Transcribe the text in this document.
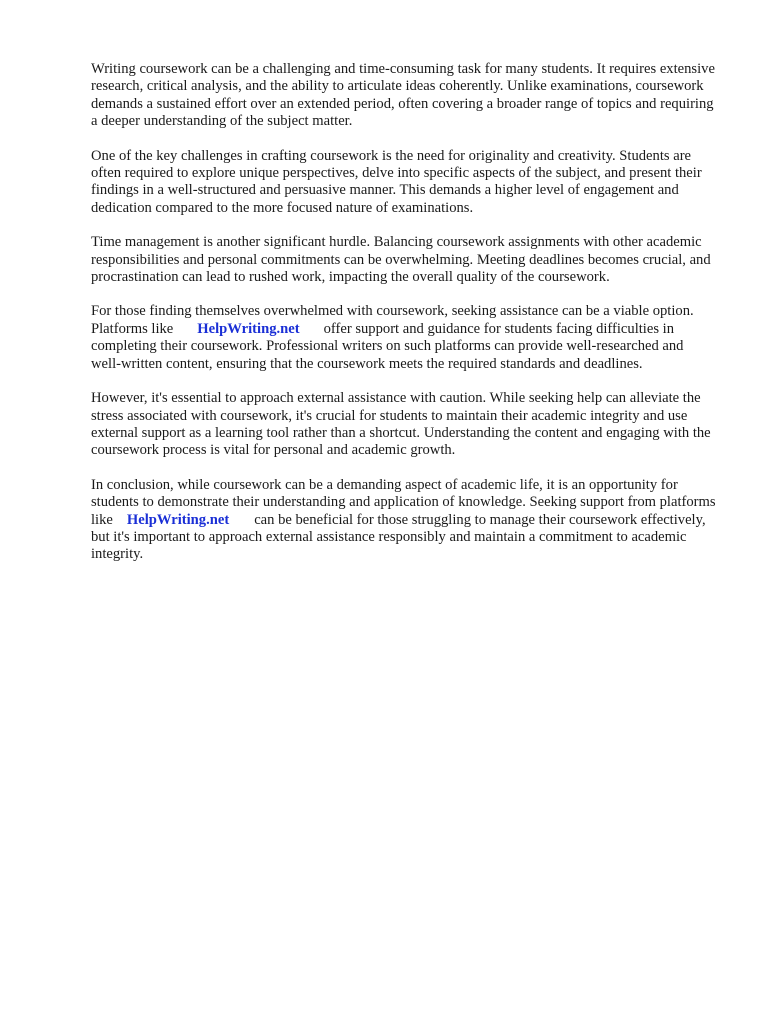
Writing coursework can be a challenging and time-consuming task for many students. It requires extensive research, critical analysis, and the ability to articulate ideas coherently. Unlike examinations, coursework demands a sustained effort over an extended period, often covering a broader range of topics and requiring a deeper understanding of the subject matter.

One of the key challenges in crafting coursework is the need for originality and creativity. Students are often required to explore unique perspectives, delve into specific aspects of the subject, and present their findings in a well-structured and persuasive manner. This demands a higher level of engagement and dedication compared to the more focused nature of examinations.

Time management is another significant hurdle. Balancing coursework assignments with other academic responsibilities and personal commitments can be overwhelming. Meeting deadlines becomes crucial, and procrastination can lead to rushed work, impacting the overall quality of the coursework.

For those finding themselves overwhelmed with coursework, seeking assistance can be a viable option. Platforms like HelpWriting.net offer support and guidance for students facing difficulties in completing their coursework. Professional writers on such platforms can provide well-researched and well-written content, ensuring that the coursework meets the required standards and deadlines.

However, it's essential to approach external assistance with caution. While seeking help can alleviate the stress associated with coursework, it's crucial for students to maintain their academic integrity and use external support as a learning tool rather than a shortcut. Understanding the content and engaging with the coursework process is vital for personal and academic growth.

In conclusion, while coursework can be a demanding aspect of academic life, it is an opportunity for students to demonstrate their understanding and application of knowledge. Seeking support from platforms like HelpWriting.net can be beneficial for those struggling to manage their coursework effectively, but it's important to approach external assistance responsibly and maintain a commitment to academic integrity.
